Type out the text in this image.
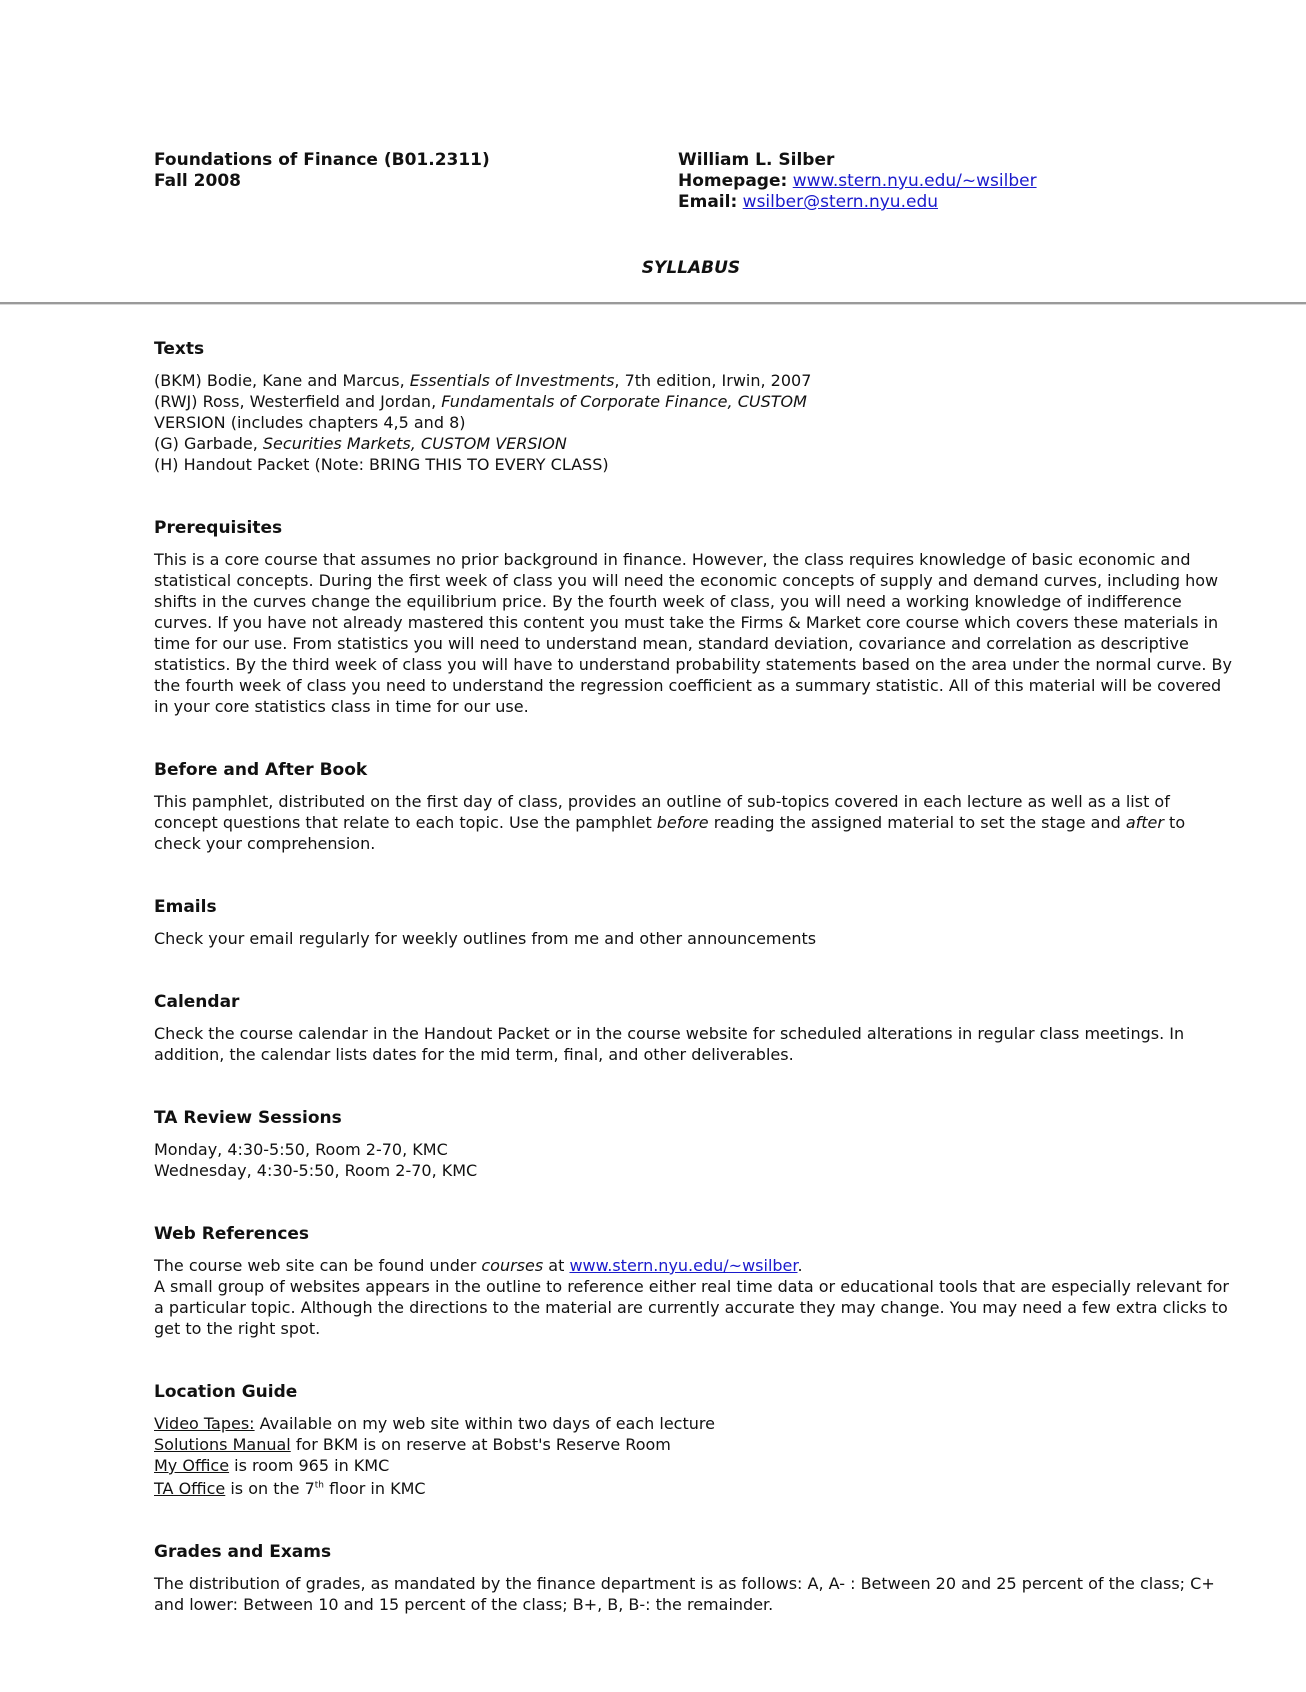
Foundations of Finance (B01.2311)
Fall 2008
William L. Silber
Homepage: www.stern.nyu.edu/~wsilber
Email: wsilber@stern.nyu.edu
SYLLABUS
Texts

(BKM) Bodie, Kane and Marcus, Essentials of Investments, 7th edition, Irwin, 2007
(RWJ) Ross, Westerfield and Jordan, Fundamentals of Corporate Finance, CUSTOM
VERSION (includes chapters 4,5 and 8)
(G) Garbade, Securities Markets, CUSTOM VERSION
(H) Handout Packet (Note: BRING THIS TO EVERY CLASS)

Prerequisites

This is a core course that assumes no prior background in finance. However, the class requires knowledge of basic economic and statistical concepts. During the first week of class you will need the economic concepts of supply and demand curves, including how shifts in the curves change the equilibrium price. By the fourth week of class, you will need a working knowledge of indifference curves. If you have not already mastered this content you must take the Firms & Market core course which covers these materials in time for our use. From statistics you will need to understand mean, standard deviation, covariance and correlation as descriptive statistics. By the third week of class you will have to understand probability statements based on the area under the normal curve. By the fourth week of class you need to understand the regression coefficient as a summary statistic. All of this material will be covered in your core statistics class in time for our use.

Before and After Book

This pamphlet, distributed on the first day of class, provides an outline of sub-topics covered in each lecture as well as a list of concept questions that relate to each topic. Use the pamphlet before reading the assigned material to set the stage and after to check your comprehension.

Emails

Check your email regularly for weekly outlines from me and other announcements

Calendar

Check the course calendar in the Handout Packet or in the course website for scheduled alterations in regular class meetings. In addition, the calendar lists dates for the mid term, final, and other deliverables.

TA Review Sessions

Monday, 4:30-5:50, Room 2-70, KMC
Wednesday, 4:30-5:50, Room 2-70, KMC

Web References

The course web site can be found under courses at www.stern.nyu.edu/~wsilber.
A small group of websites appears in the outline to reference either real time data or educational tools that are especially relevant for a particular topic. Although the directions to the material are currently accurate they may change. You may need a few extra clicks to get to the right spot.

Location Guide

Video Tapes: Available on my web site within two days of each lecture
Solutions Manual for BKM is on reserve at Bobst's Reserve Room
My Office is room 965 in KMC
TA Office is on the 7th floor in KMC

Grades and Exams

The distribution of grades, as mandated by the finance department is as follows: A, A- : Between 20 and 25 percent of the class; C+ and lower: Between 10 and 15 percent of the class; B+, B, B-: the remainder.
